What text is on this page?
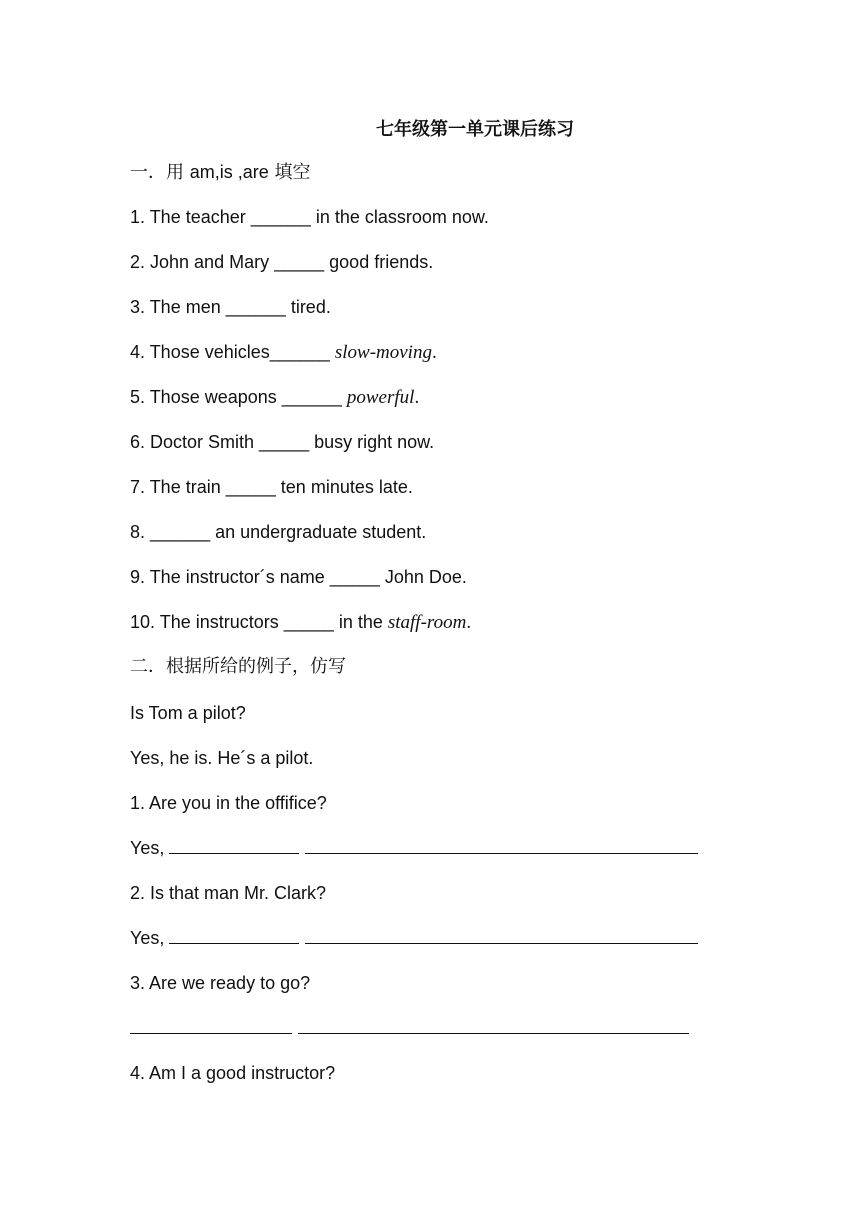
七年级第一单元课后练习
一．用 am,is ,are 填空
1. The teacher ______ in the classroom now.
2. John and Mary _____ good friends.
3. The men ______ tired.
4. Those vehicles______ slow-moving.
5. Those weapons ______ powerful.
6. Doctor Smith _____ busy right now.
7. The train _____ ten minutes late.
8. ______ an undergraduate student.
9. The instructor´s name _____ John Doe.
10. The instructors _____ in the staff-room.
二．根据所给的例子，仿写
Is Tom a pilot?
Yes, he is. He´s a pilot.
1. Are you in the offifice?
Yes,
2. Is that man Mr. Clark?
Yes,
3. Are we ready to go?
4. Am I a good instructor?
